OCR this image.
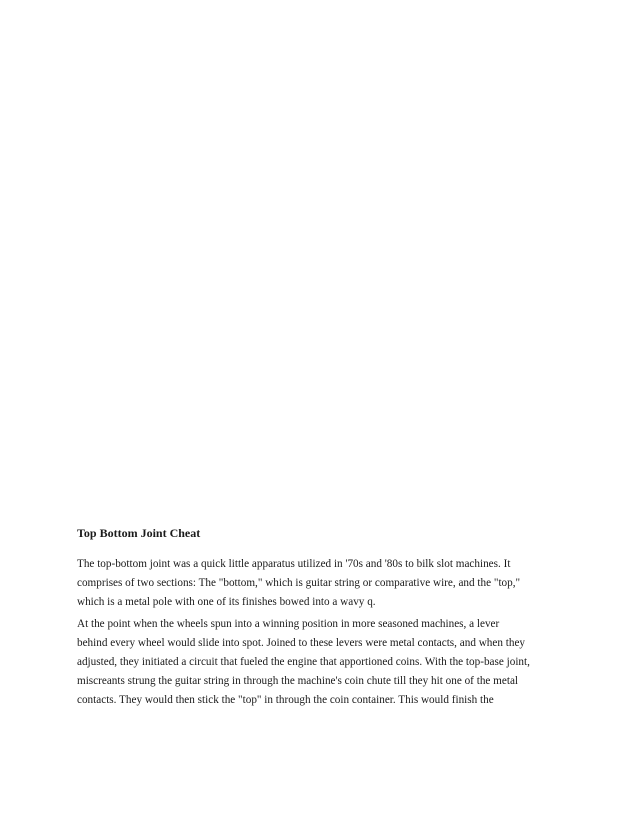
Top Bottom Joint Cheat

The top-bottom joint was a quick little apparatus utilized in '70s and '80s to bilk slot machines. It
comprises of two sections: The "bottom," which is guitar string or comparative wire, and the "top,"
which is a metal pole with one of its finishes bowed into a wavy q.

At the point when the wheels spun into a winning position in more seasoned machines, a lever
behind every wheel would slide into spot. Joined to these levers were metal contacts, and when they
adjusted, they initiated a circuit that fueled the engine that apportioned coins. With the top-base joint,
miscreants strung the guitar string in through the machine's coin chute till they hit one of the metal
contacts. They would then stick the "top" in through the coin container. This would finish the
